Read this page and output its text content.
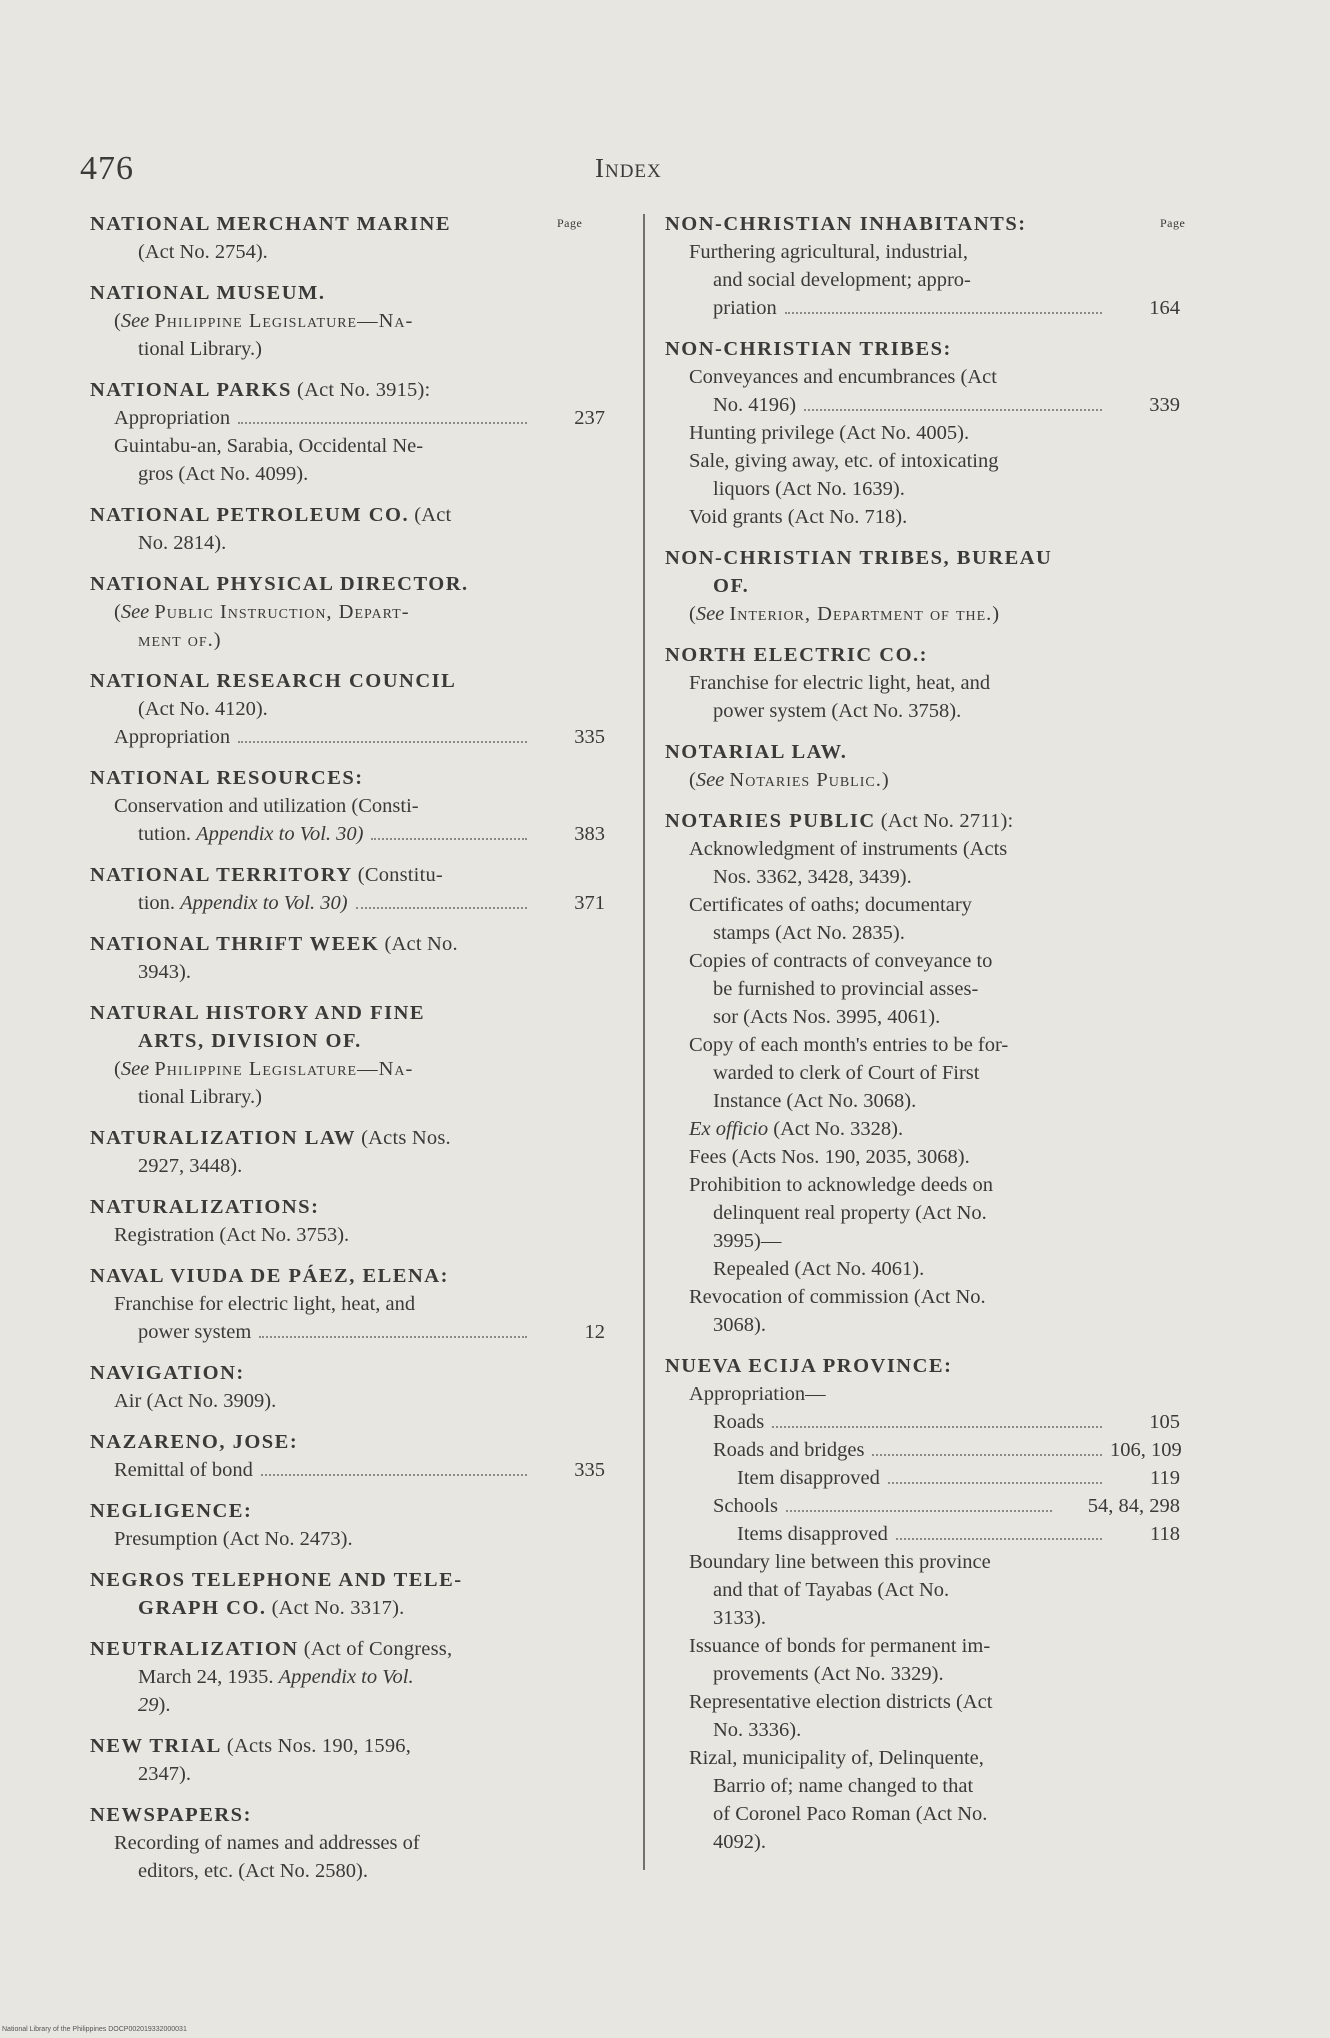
476	Index
Page	Page
NATIONAL MERCHANT MARINE
(Act No. 2754).
NATIONAL MUSEUM.
(See Philippine Legislature—Na-
tional Library.)
NATIONAL PARKS (Act No. 3915):
Appropriation	237
Guintabu-an, Sarabia, Occidental Ne-
gros (Act No. 4099).
NATIONAL PETROLEUM CO. (Act
No. 2814).
NATIONAL PHYSICAL DIRECTOR.
(See Public Instruction, Depart-
ment of.)
NATIONAL RESEARCH COUNCIL
(Act No. 4120).
Appropriation	335
NATIONAL RESOURCES:
Conservation and utilization (Consti-
tution. Appendix to Vol. 30)	383
NATIONAL TERRITORY (Constitu-
tion. Appendix to Vol. 30)	371
NATIONAL THRIFT WEEK (Act No.
3943).
NATURAL HISTORY AND FINE
ARTS, DIVISION OF.
(See Philippine Legislature—Na-
tional Library.)
NATURALIZATION LAW (Acts Nos.
2927, 3448).
NATURALIZATIONS:
Registration (Act No. 3753).
NAVAL VIUDA DE PÁEZ, ELENA:
Franchise for electric light, heat, and
power system	12
NAVIGATION:
Air (Act No. 3909).
NAZARENO, JOSE:
Remittal of bond	335
NEGLIGENCE:
Presumption (Act No. 2473).
NEGROS TELEPHONE AND TELE-
GRAPH CO. (Act No. 3317).
NEUTRALIZATION (Act of Congress,
March 24, 1935. Appendix to Vol.
29).
NEW TRIAL (Acts Nos. 190, 1596,
2347).
NEWSPAPERS:
Recording of names and addresses of
editors, etc. (Act No. 2580).
NON-CHRISTIAN INHABITANTS:
Furthering agricultural, industrial,
and social development; appro-
priation	164
NON-CHRISTIAN TRIBES:
Conveyances and encumbrances (Act
No. 4196)	339
Hunting privilege (Act No. 4005).
Sale, giving away, etc. of intoxicating
liquors (Act No. 1639).
Void grants (Act No. 718).
NON-CHRISTIAN TRIBES, BUREAU
OF.
(See Interior, Department of the.)
NORTH ELECTRIC CO.:
Franchise for electric light, heat, and
power system (Act No. 3758).
NOTARIAL LAW.
(See Notaries Public.)
NOTARIES PUBLIC (Act No. 2711):
Acknowledgment of instruments (Acts
Nos. 3362, 3428, 3439).
Certificates of oaths; documentary
stamps (Act No. 2835).
Copies of contracts of conveyance to
be furnished to provincial asses-
sor (Acts Nos. 3995, 4061).
Copy of each month's entries to be for-
warded to clerk of Court of First
Instance (Act No. 3068).
Ex officio (Act No. 3328).
Fees (Acts Nos. 190, 2035, 3068).
Prohibition to acknowledge deeds on
delinquent real property (Act No.
3995)—
Repealed (Act No. 4061).
Revocation of commission (Act No.
3068).
NUEVA ECIJA PROVINCE:
Appropriation—
Roads	105
Roads and bridges	106, 109
Item disapproved	119
Schools	54, 84, 298
Items disapproved	118
Boundary line between this province
and that of Tayabas (Act No.
3133).
Issuance of bonds for permanent im-
provements (Act No. 3329).
Representative election districts (Act
No. 3336).
Rizal, municipality of, Delinquente,
Barrio of; name changed to that
of Coronel Paco Roman (Act No.
4092).
National Library of the Philippines DOCP002019332000031
